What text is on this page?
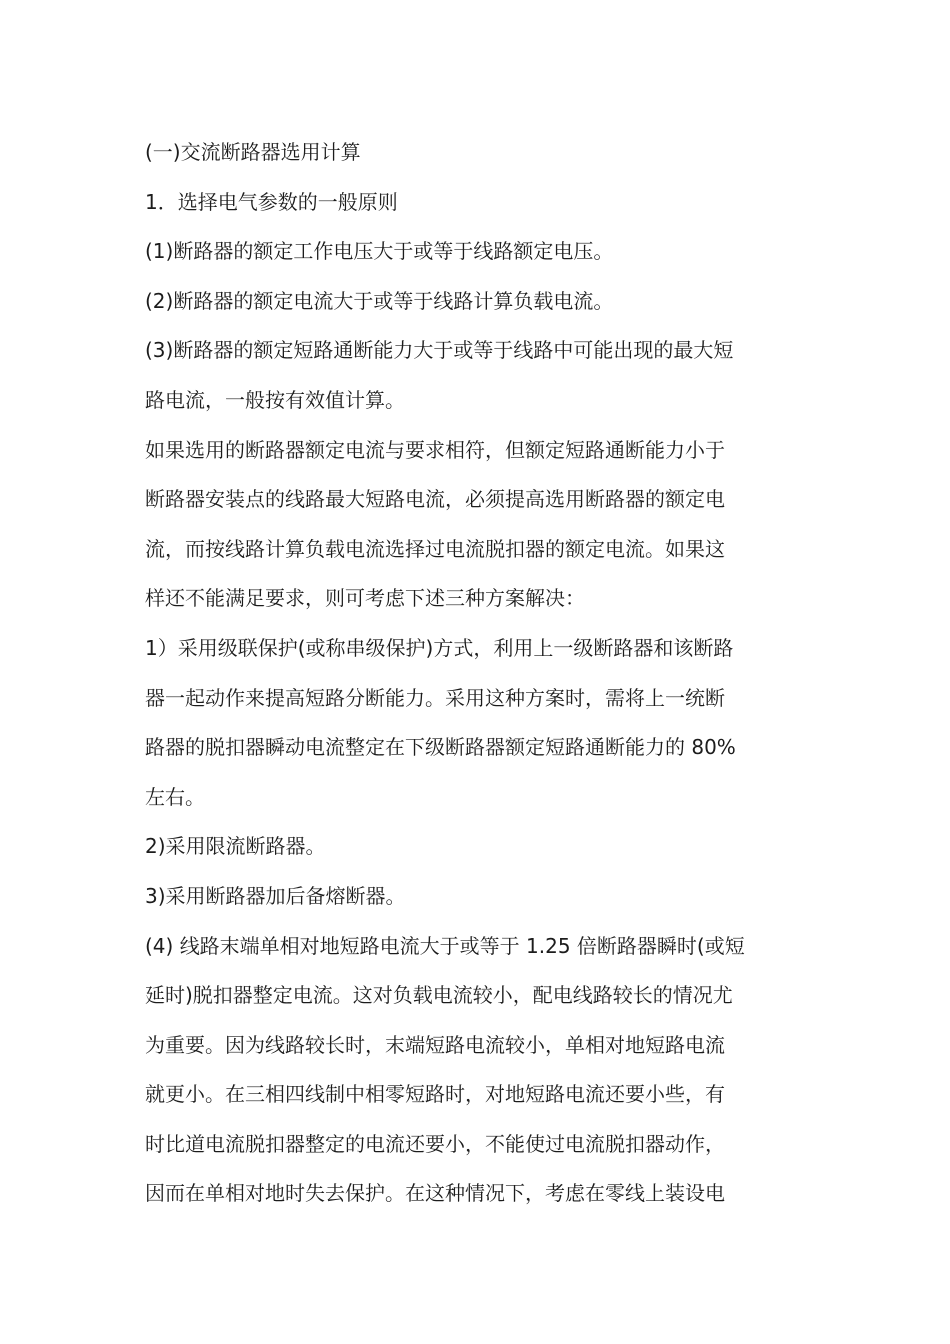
(一)交流断路器选用计算
1．选择电气参数的一般原则
(1)断路器的额定工作电压大于或等于线路额定电压。
(2)断路器的额定电流大于或等于线路计算负载电流。
(3)断路器的额定短路通断能力大于或等于线路中可能出现的最大短
路电流，一般按有效值计算。
如果选用的断路器额定电流与要求相符，但额定短路通断能力小于
断路器安装点的线路最大短路电流，必须提高选用断路器的额定电
流，而按线路计算负载电流选择过电流脱扣器的额定电流。如果这
样还不能满足要求，则可考虑下述三种方案解决：
1）采用级联保护(或称串级保护)方式，利用上一级断路器和该断路
器一起动作来提高短路分断能力。采用这种方案时，需将上一统断
路器的脱扣器瞬动电流整定在下级断路器额定短路通断能力的 80%
左右。
2)采用限流断路器。
3)采用断路器加后备熔断器。
(4) 线路末端单相对地短路电流大于或等于 1.25 倍断路器瞬时(或短
延时)脱扣器整定电流。这对负载电流较小，配电线路较长的情况尤
为重要。因为线路较长时，末端短路电流较小，单相对地短路电流
就更小。在三相四线制中相零短路时，对地短路电流还要小些，有
时比道电流脱扣器整定的电流还要小，不能使过电流脱扣器动作，
因而在单相对地时失去保护。在这种情况下，考虑在零线上装设电
